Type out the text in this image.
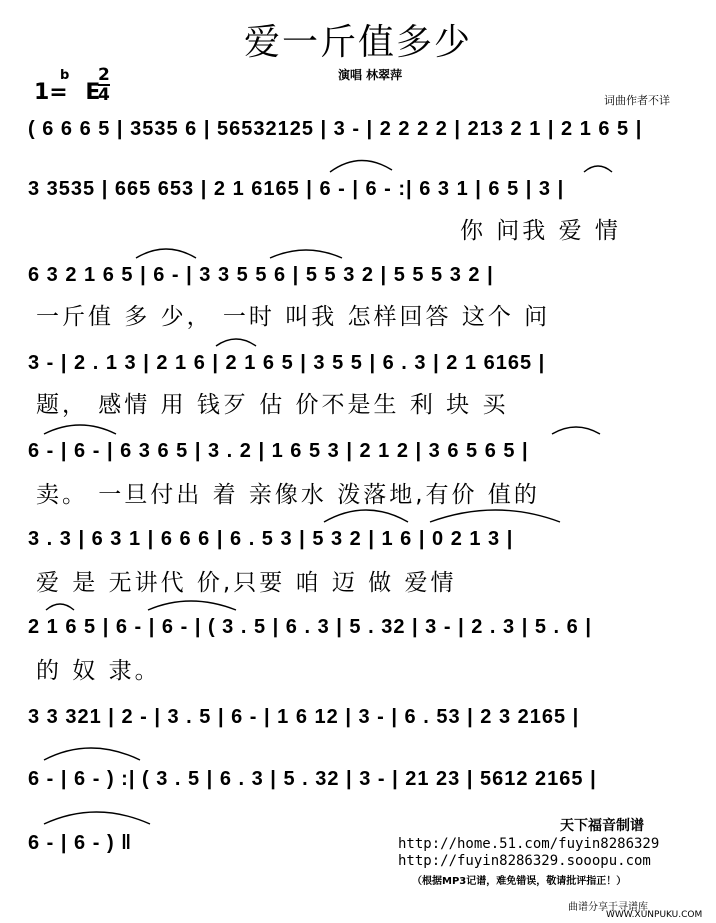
爱一斤值多少
1=
b
E
$\frac{2}{4}$	演唱 林翠萍
词曲作者不详
( 6 6 6 5 | 3535 6 | 56532125 | 3 - | 2 2 2 2 | 213 2 1 | 2 1 6 5 |
3 3535 | 665 653 | 2 1 6165 | 6 - | 6 - :| 6 3 1 | 6 5 | 3 |
你 问我 爱 情
6 3 2 1 6 5 | 6 - | 3 3 5 5 6 | 5 5 3 2 | 5 5 5 3 2 |
一斤值 多 少， 一时 叫我 怎样回答 这个 问
3 - | 2 . 1 3 | 2 1 6 | 2 1 6 5 | 3 5 5 | 6 . 3 | 2 1 6165 |
题， 感情 用 钱歹 估 价不是生 利 块 买
6 - | 6 - | 6 3 6 5 | 3 . 2 | 1 6 5 3 | 2 1 2 | 3 6 5 6 5 |
卖。 一旦付出 着 亲像水 泼落地,有价 值的
3 . 3 | 6 3 1 | 6 6 6 | 6 . 5 3 | 5 3 2 | 1 6 | 0 2 1 3 |
爱 是 无讲代 价,只要 咱 迈 做 爱情
2 1 6 5 | 6 - | 6 - | ( 3 . 5 | 6 . 3 | 5 . 32 | 3 - | 2 . 3 | 5 . 6 |
的 奴 隶。
3 3 321 | 2 - | 3 . 5 | 6 - | 1 6 12 | 3 - | 6 . 53 | 2 3 2165 |
6 - | 6 - ) :| ( 3 . 5 | 6 . 3 | 5 . 32 | 3 - | 21 23 | 5612 2165 |
6 - | 6 - ) ‖
天下福音制谱
http://home.51.com/fuyin8286329
http://fuyin8286329.sooopu.com
（根据MP3记谱，难免错误，敬请批评指正！）
曲谱分享于寻谱库
WWW.XUNPUKU.COM
